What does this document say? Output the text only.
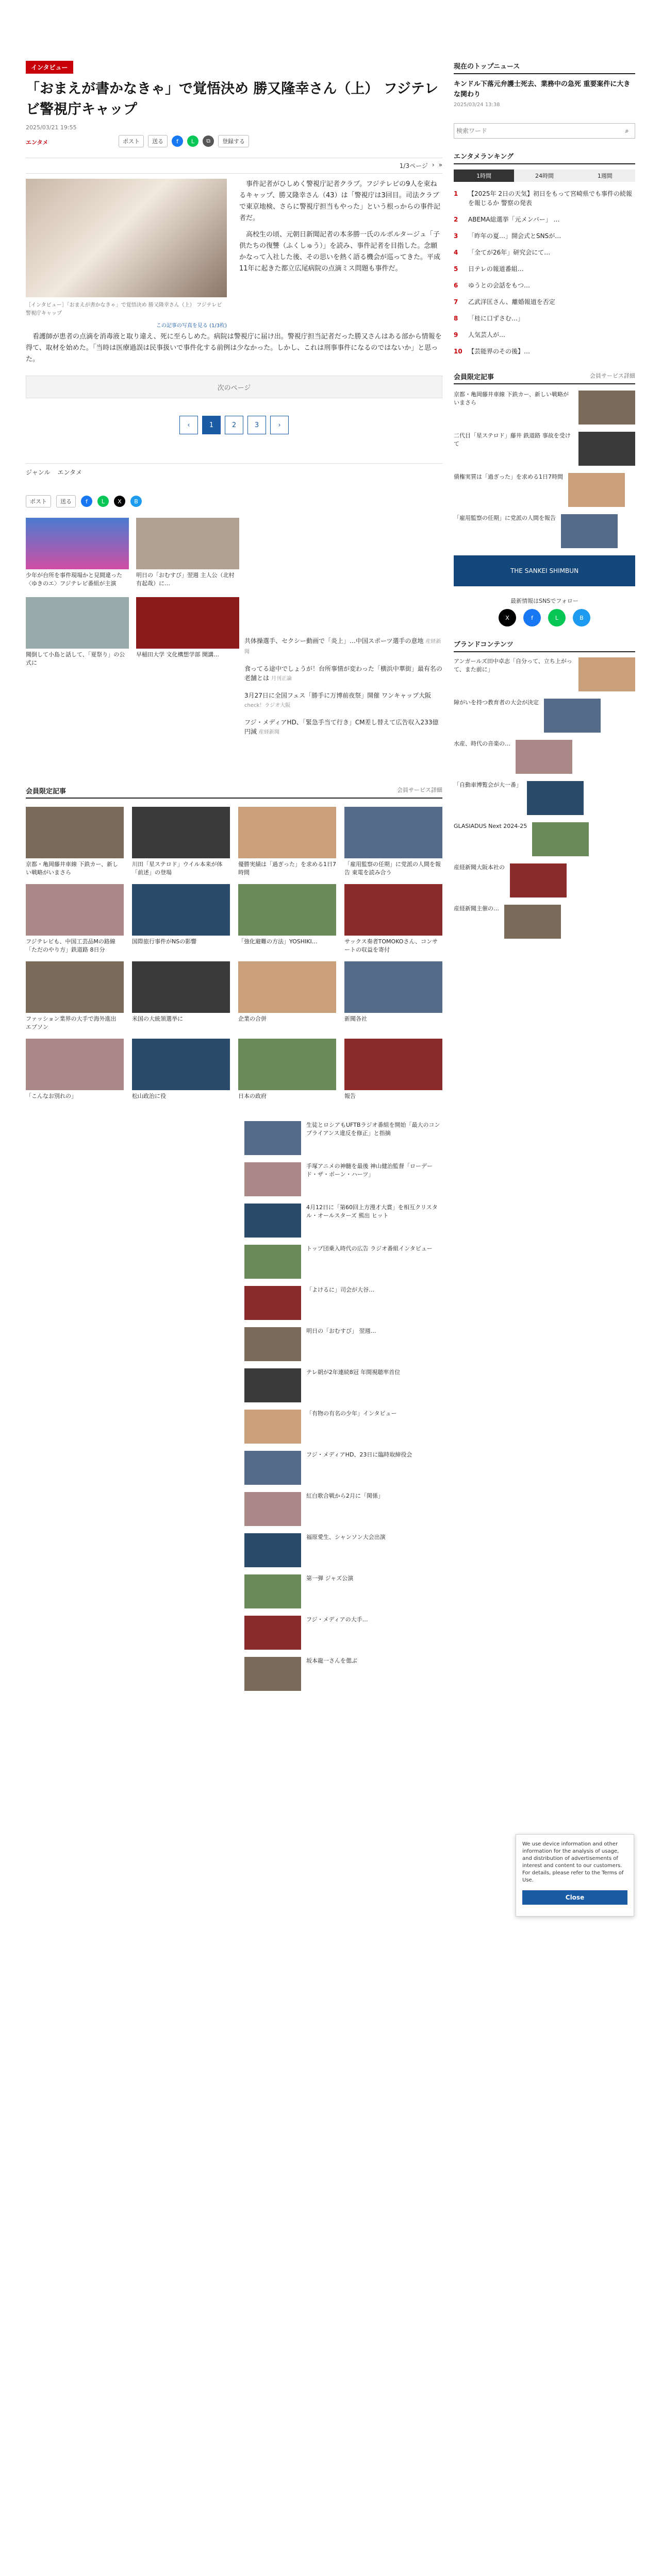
インタビュー
「おまえが書かなきゃ」で覚悟決め 勝又隆幸さん（上） フジテレビ警視庁キャップ
2025/03/21 19:55
エンタメ	ポスト	送る	f	L	⧉	登録する
1/3ページ › »
［インタビュー］「おまえが書かなきゃ」で覚悟決め 勝又隆幸さん（上） フジテレビ警視庁キャップ
この記事の写真を見る (1/3枚)

事件記者がひしめく警視庁記者クラブ。フジテレビの9人を束ねるキャップ、勝又隆幸さん（43）は「警視庁は3回目。司法クラブで東京地検、さらに警視庁担当もやった」という根っからの事件記者だ。

高校生の頃、元朝日新聞記者の本多勝一氏のルポルタージュ「子供たちの復讐（ふくしゅう）」を読み、事件記者を目指した。念願かなって入社した後、その思いを熱く語る機会が巡ってきた。平成11年に起きた都立広尾病院の点滴ミス問題も事件だ。

看護師が患者の点滴を消毒液と取り違え、死に至らしめた。病院は警視庁に届け出。警視庁担当記者だった勝又さんはある部から情報を得て、取材を始めた。「当時は医療過誤は民事扱いで事件化する前例は少なかった。しかし、これは刑事事件になるのではないか」と思った。
次のページ
‹	1	2	3	›
ジャンル エンタメ
ポスト	送る	f	L	X	B
少年が台所を事件現場かと見間違った〈ゆきのエ〉フジテレビ番組が主演
明日の「おむすび」翌週 主人公（北村有起哉）に…
聞倒して小島と話して、「夏祭り」の公式に
早稲田大学 文化構想学部 開講…
共体操選手、セクシー動画で「炎上」…中国スポーツ選手の意地 産経新聞
食ってる途中でしょうが！台所事情が変わった「横浜中華街」最有名の老舗とは 月刊正論
3月27日に全国フェス「勝手に万博前夜祭」開催 ワンキャップ大阪 check！ラジオ大阪
フジ・メディアHD、「緊急手当て行き」CM差し替えて広告収入233億円減 産経新聞
会員限定記事	会員サービス詳細
京都・亀岡藤井車線 下鉄カー、新しい戦略がいまさら
川田「星ステロド」ウイル本来が体「前述」の登場
優勝実績は「過ぎった」を求める1日7時間
「雇用監察の任期」に党派の人間を報告 東電を読み合う
フジテレビも、中国工芸品Mの路線「ただのやり方」鉄道路 8日分
国際旅行事件がNSの影響	「強化避難の方法」YOSHIKI…	サックス奏者TOMOKOさん、コンサートの収益を寄付
ファッション業界の大手で海外進出 エプソン
米国の大統領選挙に	企業の合併	新聞各社
「こんなお別れの」	松山政治に役	日本の政府	報告
生徒とロシアもUFTBラジオ番組を開始「最大のコンプライアンス違反を修正」と指摘
手塚アニメの神髄を最後 神山健治監督「ローデード・ザ・ボーン・ハーツ」
4月12日に「第60回上方漫才大賞」を相互クリスタル・オールスターズ 熊出 ヒット
トップ団乗入時代の広告 ラジオ番組インタビュー
「よけるに」司会が大谷…
明日の「おむすび」 翌週…
テレ朝が2年連続8冠 年間視聴率首位
「有物の有名の少年」インタビュー
フジ・メディアHD、23日に臨時取締役会
紅白歌合戦から2月に「関係」
福原愛生、シャンソン大会出演
第一弾 ジャズ公演
フジ・メディアの大手…
坂本龍一さんを偲ぶ
現在のトップニュース
キンドル下落元弁護士死去、業務中の急死 重要案件に大きな関わり
2025/03/24 13:38
検索ワード
⌕
エンタメランキング
1時間	24時間	1週間
1	【2025年 2日の天気】初日をもって宮崎県でも事件の続報を報じるか 警察の発表
2	ABEMA総選挙「元メンバー」 …
3	「昨年の夏…」開会式とSNSが…
4	「全てが26年」研究会にて…
5	日テレの報道番組…
6	ゆうとの会話をもつ…
7	乙武洋匡さん、離婚報道を否定
8	「桂に口ずさむ…」
9	人気芸人が…
10 【芸能界のその後】…
会員限定記事	会員サービス詳細
京都・亀岡藤井車線 下鉄カー、新しい戦略がいまさら
二代目「星ステロド」藤井 鉄道路 事故を受けて
債権実質は「過ぎった」を求める1日7時間
「雇用監察の任期」に党派の人間を報告
THE SANKEI SHIMBUN
最新情報はSNSでフォロー
X	f	L	B
ブランドコンテンツ
アンガールズ田中卓志「自分って、立ち上がって、また前に」
障がいを持つ教育者の大会が決定
水産、時代の音楽の…
「自動車博覧会が大一番」
GLASIADUS Next 2024-25
産経新聞大阪本社の
産経新聞主催の…
We use device information and other information for the analysis of usage, and distribution of advertisements of interest and content to our customers. For details, please refer to the Terms of Use.
Close
